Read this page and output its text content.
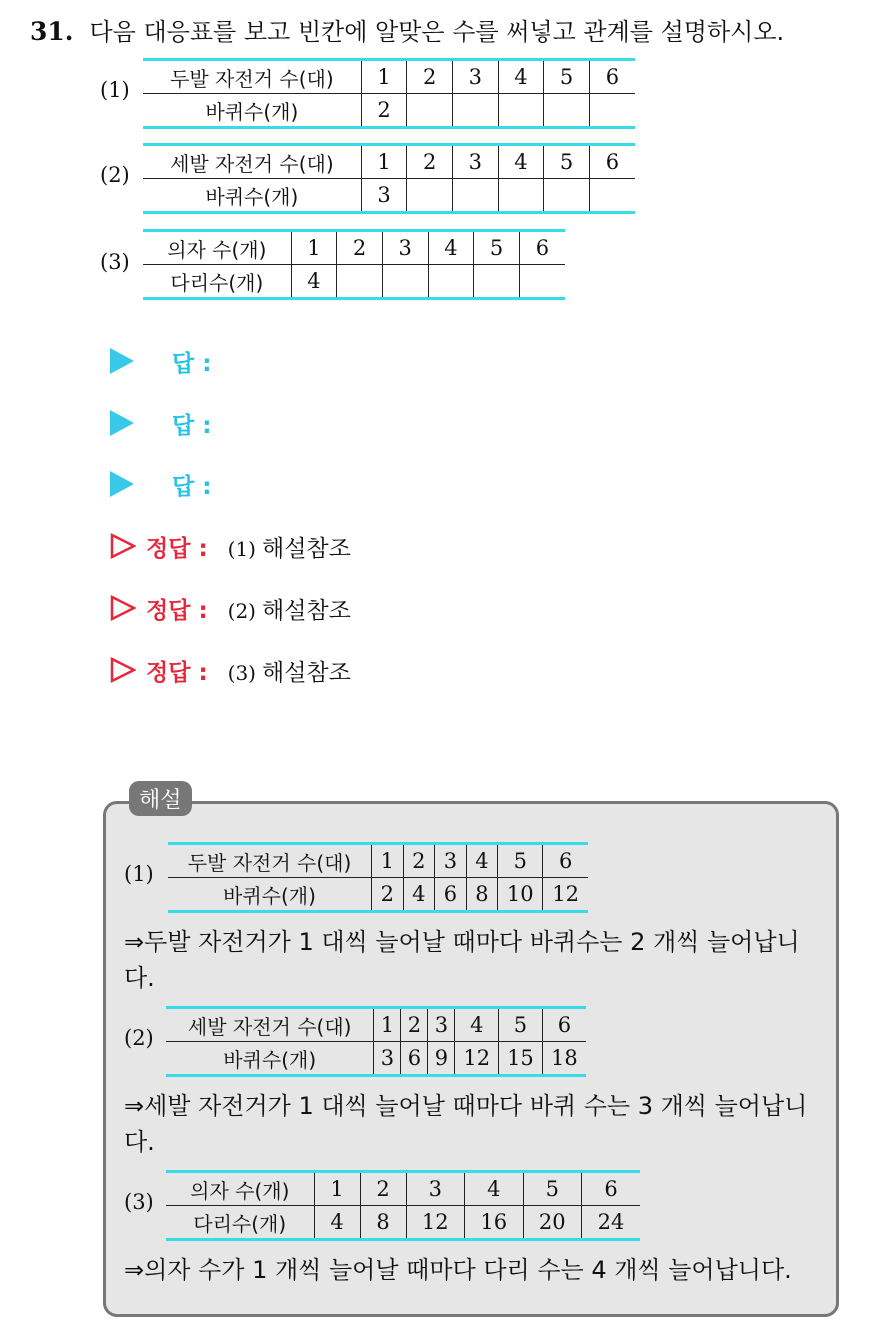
31. 다음 대응표를 보고 빈칸에 알맞은 수를 써넣고 관계를 설명하시오.
(1) 두발 자전거 수(대)	1	2	3	4	5	6
바퀴수(개)	2					
(2) 세발 자전거 수(대)	1	2	3	4	5	6
바퀴수(개)	3					
(3)
의자 수(개)	1	2	3	4	5	6
다리수(개)	4					
답 :
답 :
답 :
정답 : (1) 해설참조
정답 : (2) 해설참조
정답 : (3) 해설참조
해설
(1) 두발 자전거 수(대)	1	2	3	4	5	6
바퀴수(개)	2	4	6	8	10	12
⇒두발 자전거가 1 대씩 늘어날 때마다 바퀴수는 2 개씩 늘어납니다.
(2) 세발 자전거 수(대)	1	2	3	4	5	6
바퀴수(개)	3	6	9	12	15	18
⇒세발 자전거가 1 대씩 늘어날 때마다 바퀴 수는 3 개씩 늘어납니다.
(3) 의자 수(개)	1	2	3	4	5	6
다리수(개)	4	8	12	16	20	24
⇒의자 수가 1 개씩 늘어날 때마다 다리 수는 4 개씩 늘어납니다.
